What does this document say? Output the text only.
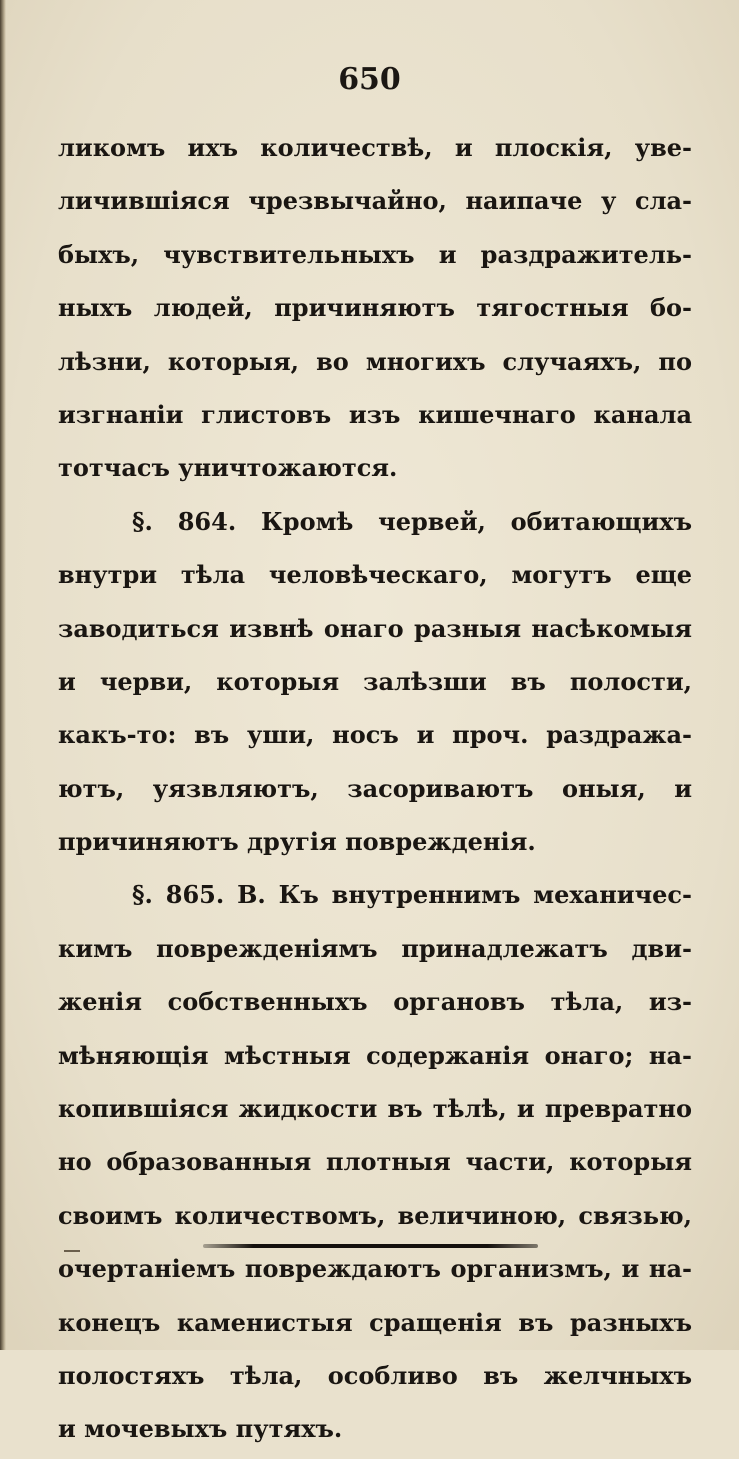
650
ликомъ ихъ количествѣ, и плоскія, уве-
личившіяся чрезвычайно, наипаче у сла-
быхъ, чувствительныхъ и раздражитель-
ныхъ людей, причиняютъ тягостныя бо-
лѣзни, которыя, во многихъ случаяхъ, по
изгнаніи глистовъ изъ кишечнаго канала
тотчасъ уничтожаются.
§. 864. Кромѣ червей, обитающихъ
внутри тѣла человѣческаго, могутъ еще
заводиться извнѣ онаго разныя насѣкомыя
и черви, которыя залѣзши въ полости,
какъ-то: въ уши, носъ и проч. раздража-
ютъ, уязвляютъ, засориваютъ оныя, и
причиняютъ другія поврежденія.
§. 865. B. Къ внутреннимъ механичес-
кимъ поврежденіямъ принадлежатъ дви-
женія собственныхъ органовъ тѣла, из-
мѣняющія мѣстныя содержанія онаго; на-
копившіяся жидкости въ тѣлѣ, и превратно
но образованныя плотныя части, которыя
своимъ количествомъ, величиною, связью,
очертаніемъ повреждаютъ организмъ, и на-
конецъ каменистыя сращенія въ разныхъ
полостяхъ тѣла, особливо въ желчныхъ
и мочевыхъ путяхъ.
